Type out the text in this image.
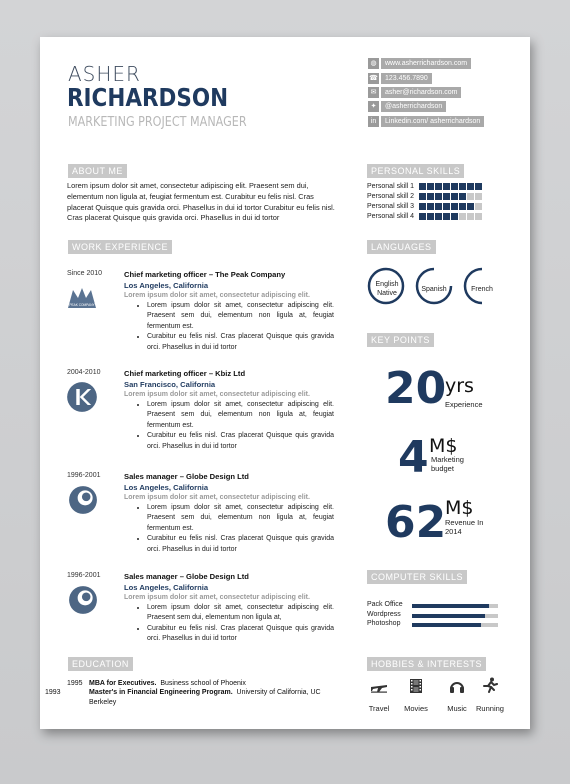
ASHER
RICHARDSON
MARKETING PROJECT MANAGER
◍	www.asherrichardson.com
☎	123.456.7890
✉	asher@richardson.com
✦	@asherrichardson
in	Linkedin.com/ asherrichardson
ABOUT ME
Lorem ipsum dolor sit amet, consectetur adipiscing elit. Praesent sem dui, elementum non ligula at, feugiat fermentum est. Curabitur eu felis nisl. Cras placerat Quisque quis gravida orci. Phasellus in dui id tortor Curabitur eu felis nisl. Cras placerat Quisque quis gravida orci. Phasellus in dui id tortor
WORK EXPERIENCE
Since 2010
PEAK COMPANY
Chief marketing officer – The Peak Company
Los Angeles, California
Lorem ipsum dolor sit amet, consectetur adipiscing elit.
• Lorem ipsum dolor sit amet, consectetur adipiscing elit. Praesent sem dui, elementum non ligula at, feugiat fermentum est.
• Curabitur eu felis nisl. Cras placerat Quisque quis gravida orci. Phasellus in dui id tortor
2004-2010	Chief marketing officer – Kbiz Ltd
San Francisco, California
Lorem ipsum dolor sit amet, consectetur adipiscing elit.
• Lorem ipsum dolor sit amet, consectetur adipiscing elit. Praesent sem dui, elementum non ligula at, feugiat fermentum est.
• Curabitur eu felis nisl. Cras placerat Quisque quis gravida orci. Phasellus in dui id tortor
1996-2001	Sales manager – Globe Design Ltd
Los Angeles, California
Lorem ipsum dolor sit amet, consectetur adipiscing elit.
• Lorem ipsum dolor sit amet, consectetur adipiscing elit. Praesent sem dui, elementum non ligula at, feugiat fermentum est.
• Curabitur eu felis nisl. Cras placerat Quisque quis gravida orci. Phasellus in dui id tortor
1996-2001	Sales manager – Globe Design Ltd
Los Angeles, California
Lorem ipsum dolor sit amet, consectetur adipiscing elit.
• Lorem ipsum dolor sit amet, consectetur adipiscing elit. Praesent sem dui, elementum non ligula at,
• Curabitur eu felis nisl. Cras placerat Quisque quis gravida orci. Phasellus in dui id tortor
EDUCATION
1995 MBA for Executives. Business school of Phoenix
1993	Master's in Financial Engineering Program. University of California, UC Berkeley
PERSONAL SKILLS
Personal skill 1
Personal skill 2
Personal skill 3
Personal skill 4
LANGUAGES
English Native
Spanish	French
KEY POINTS
20
yrs
Experience
4 M$
Marketing budget
62
M$
Revenue In 2014
COMPUTER SKILLS
Pack Office
Wordpress
Photoshop
HOBBIES & INTERESTS
Travel	Movies	Music	Running
